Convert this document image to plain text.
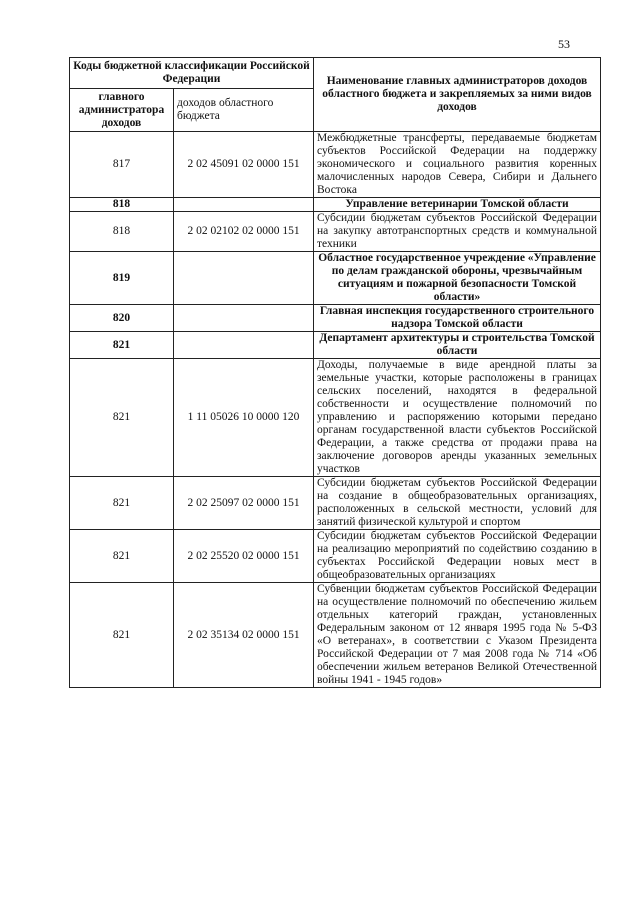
53
Коды бюджетной классификации Российской Федерации		Наименование главных администраторов доходов областного бюджета и закрепляемых за ними видов доходов
главного администратора доходов	доходов областного бюджета	
817	2 02 45091 02 0000 151	Межбюджетные трансферты, передаваемые бюджетам субъектов Российской Федерации на поддержку экономического и социального развития коренных малочисленных народов Севера, Сибири и Дальнего Востока
818		Управление ветеринарии Томской области
818	2 02 02102 02 0000 151	Субсидии бюджетам субъектов Российской Федерации на закупку автотранспортных средств и коммунальной техники
819		Областное государственное учреждение «Управление по делам гражданской обороны, чрезвычайным ситуациям и пожарной безопасности Томской области»
820		Главная инспекция государственного строительного надзора Томской области
821		Департамент архитектуры и строительства Томской области
821	1 11 05026 10 0000 120	Доходы, получаемые в виде арендной платы за земельные участки, которые расположены в границах сельских поселений, находятся в федеральной собственности и осуществление полномочий по управлению и распоряжению которыми передано органам государственной власти субъектов Российской Федерации, а также средства от продажи права на заключение договоров аренды указанных земельных участков
821	2 02 25097 02 0000 151	Субсидии бюджетам субъектов Российской Федерации на создание в общеобразовательных организациях, расположенных в сельской местности, условий для занятий физической культурой и спортом
821	2 02 25520 02 0000 151	Субсидии бюджетам субъектов Российской Федерации на реализацию мероприятий по содействию созданию в субъектах Российской Федерации новых мест в общеобразовательных организациях
821	2 02 35134 02 0000 151	Субвенции бюджетам субъектов Российской Федерации на осуществление полномочий по обеспечению жильем отдельных категорий граждан, установленных Федеральным законом от 12 января 1995 года № 5-ФЗ «О ветеранах», в соответствии с Указом Президента Российской Федерации от 7 мая 2008 года № 714 «Об обеспечении жильем ветеранов Великой Отечественной войны 1941 - 1945 годов»
